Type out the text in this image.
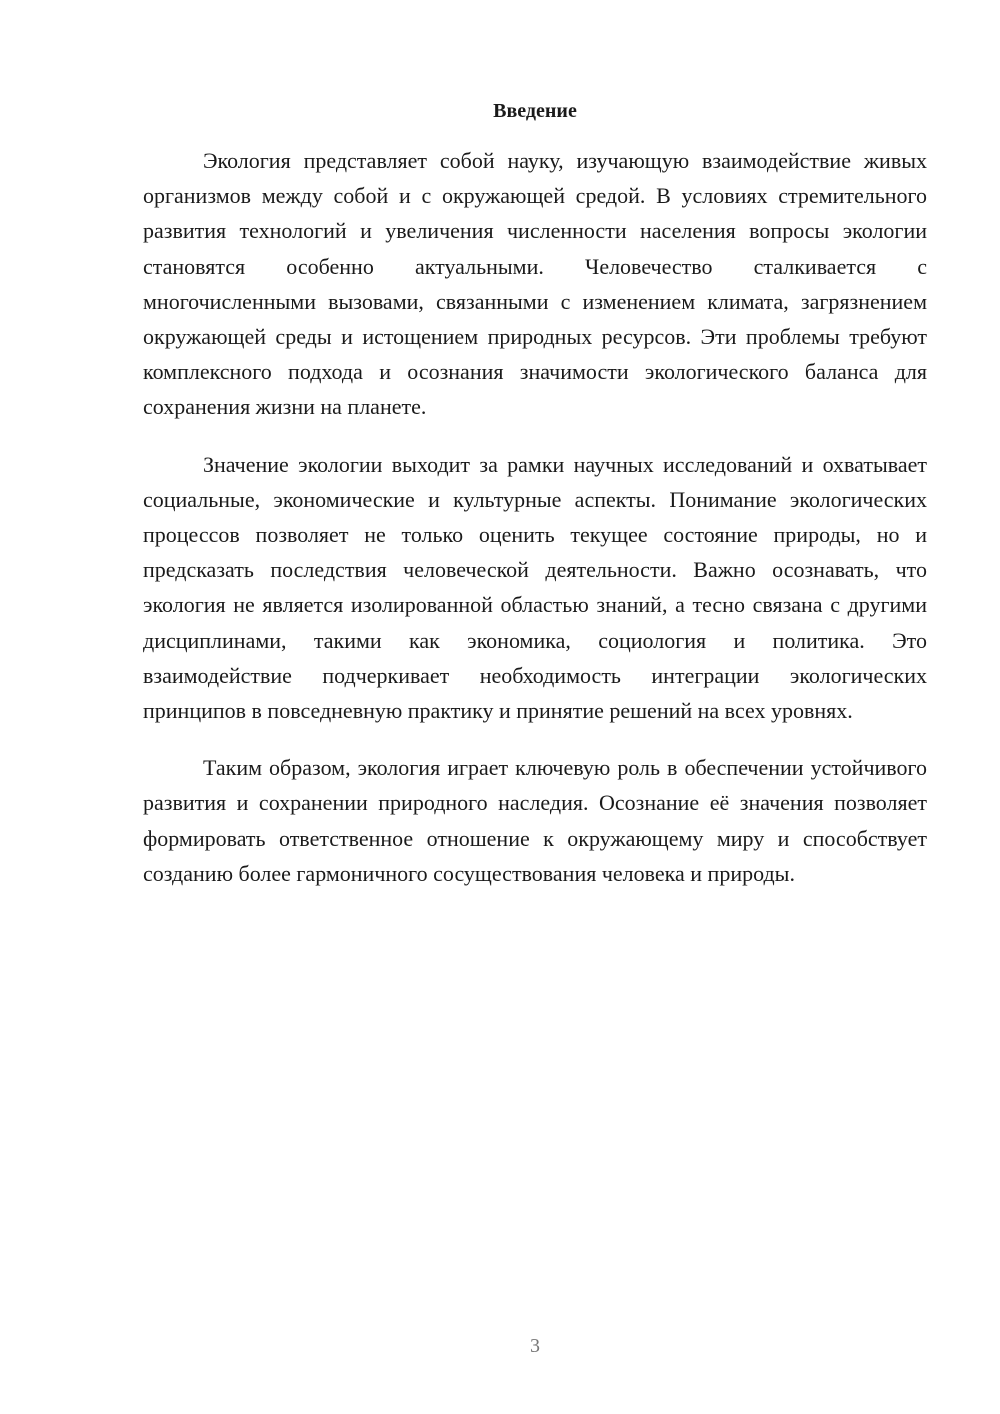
Введение

Экология представляет собой науку, изучающую взаимодействие живых организмов между собой и с окружающей средой. В условиях стремительного развития технологий и увеличения численности населения вопросы экологии становятся особенно актуальными. Человечество сталкивается с многочисленными вызовами, связанными с изменением климата, загрязнением окружающей среды и истощением природных ресурсов. Эти проблемы требуют комплексного подхода и осознания значимости экологического баланса для сохранения жизни на планете.

Значение экологии выходит за рамки научных исследований и охватывает социальные, экономические и культурные аспекты. Понимание экологических процессов позволяет не только оценить текущее состояние природы, но и предсказать последствия человеческой деятельности. Важно осознавать, что экология не является изолированной областью знаний, а тесно связана с другими дисциплинами, такими как экономика, социология и политика. Это взаимодействие подчеркивает необходимость интеграции экологических принципов в повседневную практику и принятие решений на всех уровнях.

Таким образом, экология играет ключевую роль в обеспечении устойчивого развития и сохранении природного наследия. Осознание её значения позволяет формировать ответственное отношение к окружающему миру и способствует созданию более гармоничного сосуществования человека и природы.

3
